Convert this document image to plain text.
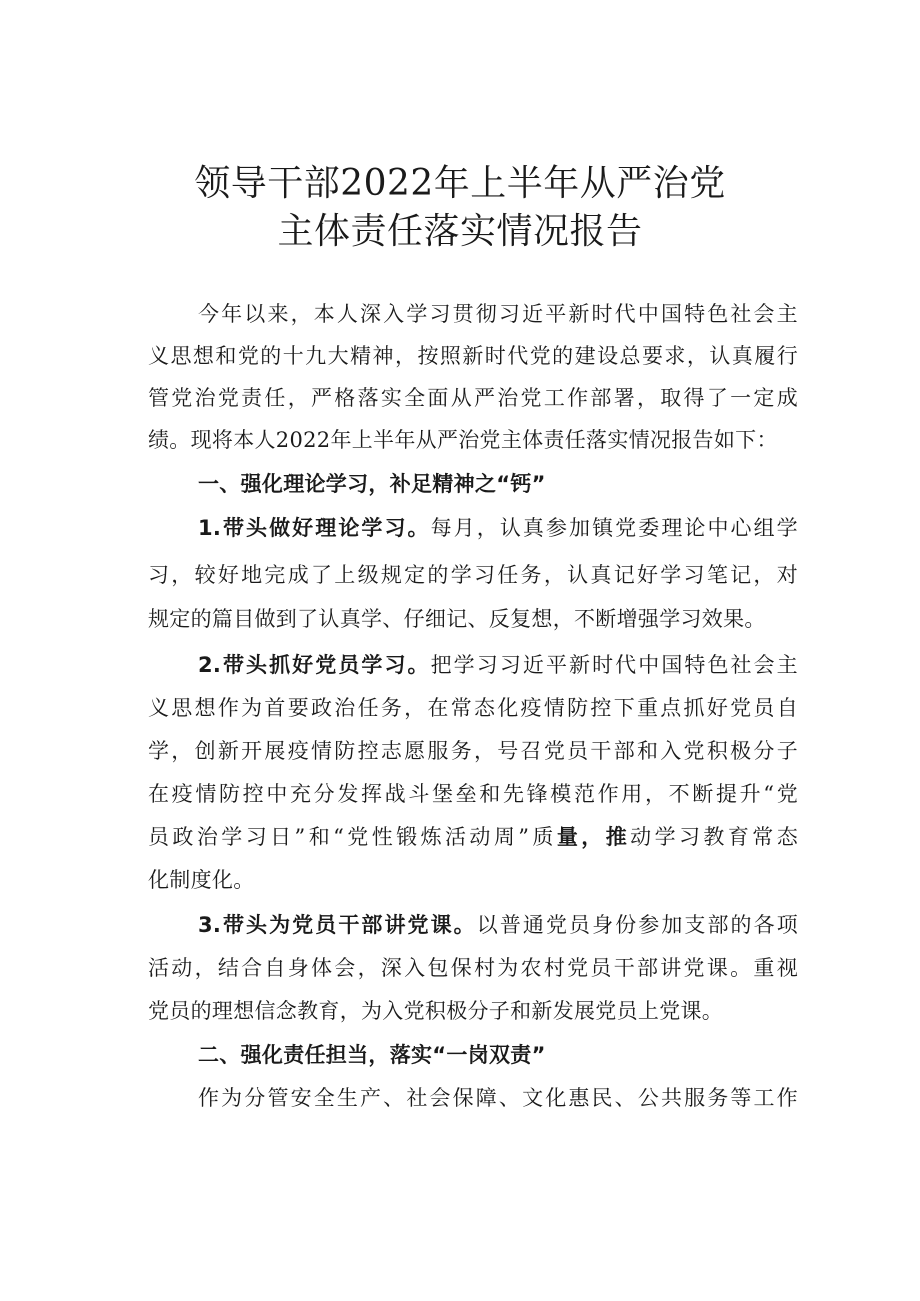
领导干部2022年上半年从严治党
主体责任落实情况报告
今年以来，本人深入学习贯彻习近平新时代中国特色社会主
义思想和党的十九大精神，按照新时代党的建设总要求，认真履行
管党治党责任，严格落实全面从严治党工作部署，取得了一定成
绩。现将本人2022年上半年从严治党主体责任落实情况报告如下：
一、强化理论学习，补足精神之“钙”
1.带头做好理论学习。每月，认真参加镇党委理论中心组学
习，较好地完成了上级规定的学习任务，认真记好学习笔记，对
规定的篇目做到了认真学、仔细记、反复想，不断增强学习效果。
2.带头抓好党员学习。把学习习近平新时代中国特色社会主
义思想作为首要政治任务，在常态化疫情防控下重点抓好党员自
学，创新开展疫情防控志愿服务，号召党员干部和入党积极分子
在疫情防控中充分发挥战斗堡垒和先锋模范作用，不断提升“党
员政治学习日”和“党性锻炼活动周”质量，推动学习教育常态
化制度化。
3.带头为党员干部讲党课。以普通党员身份参加支部的各项
活动，结合自身体会，深入包保村为农村党员干部讲党课。重视
党员的理想信念教育，为入党积极分子和新发展党员上党课。
二、强化责任担当，落实“一岗双责”
作为分管安全生产、社会保障、文化惠民、公共服务等工作
